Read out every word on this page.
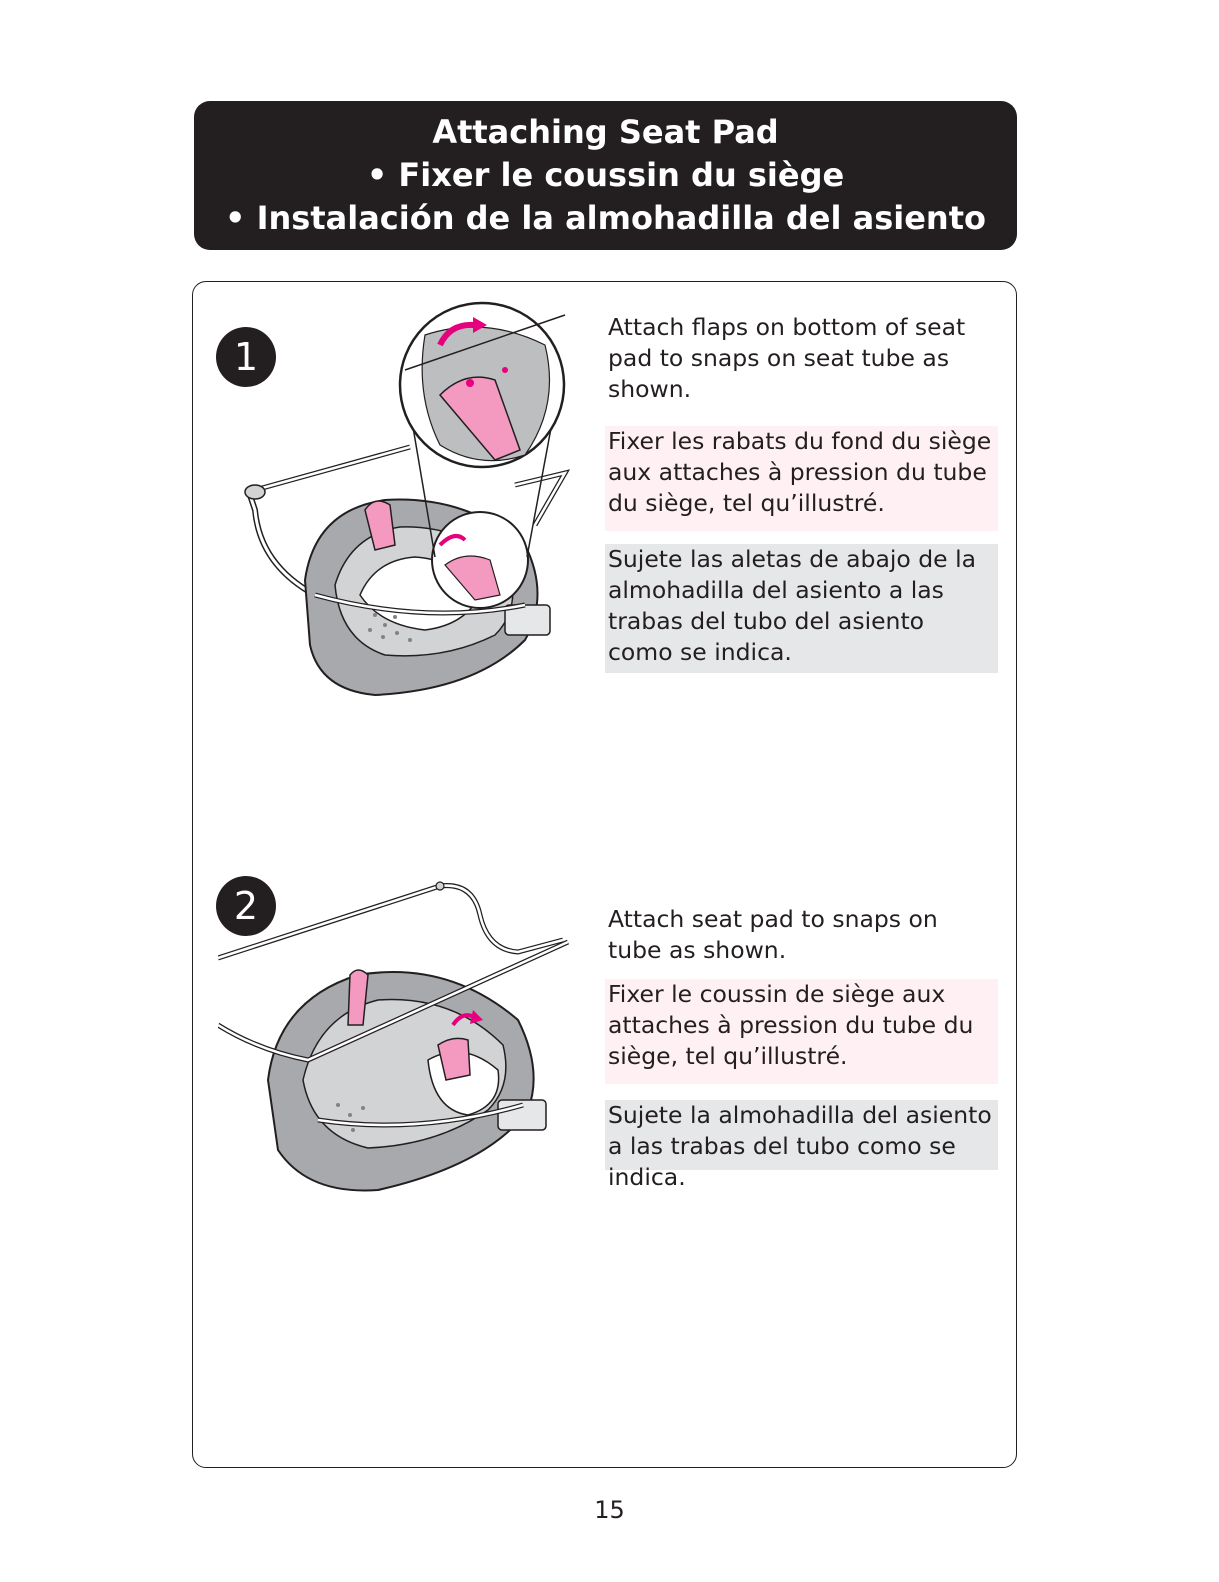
Attaching Seat Pad
• Fixer le coussin du siège
• Instalación de la almohadilla del asiento
1
Attach flaps on bottom of seat pad to snaps on seat tube as shown.
Fixer les rabats du fond du siège aux attaches à pression du tube du siège, tel qu’illustré.
Sujete las aletas de abajo de la almohadilla del asiento a las trabas del tubo del asiento como se indica.
2	Attach seat pad to snaps on tube as shown.
Fixer le coussin de siège aux attaches à pression du tube du siège, tel qu’illustré.
Sujete la almohadilla del asiento a las trabas del tubo como se indica.
15
